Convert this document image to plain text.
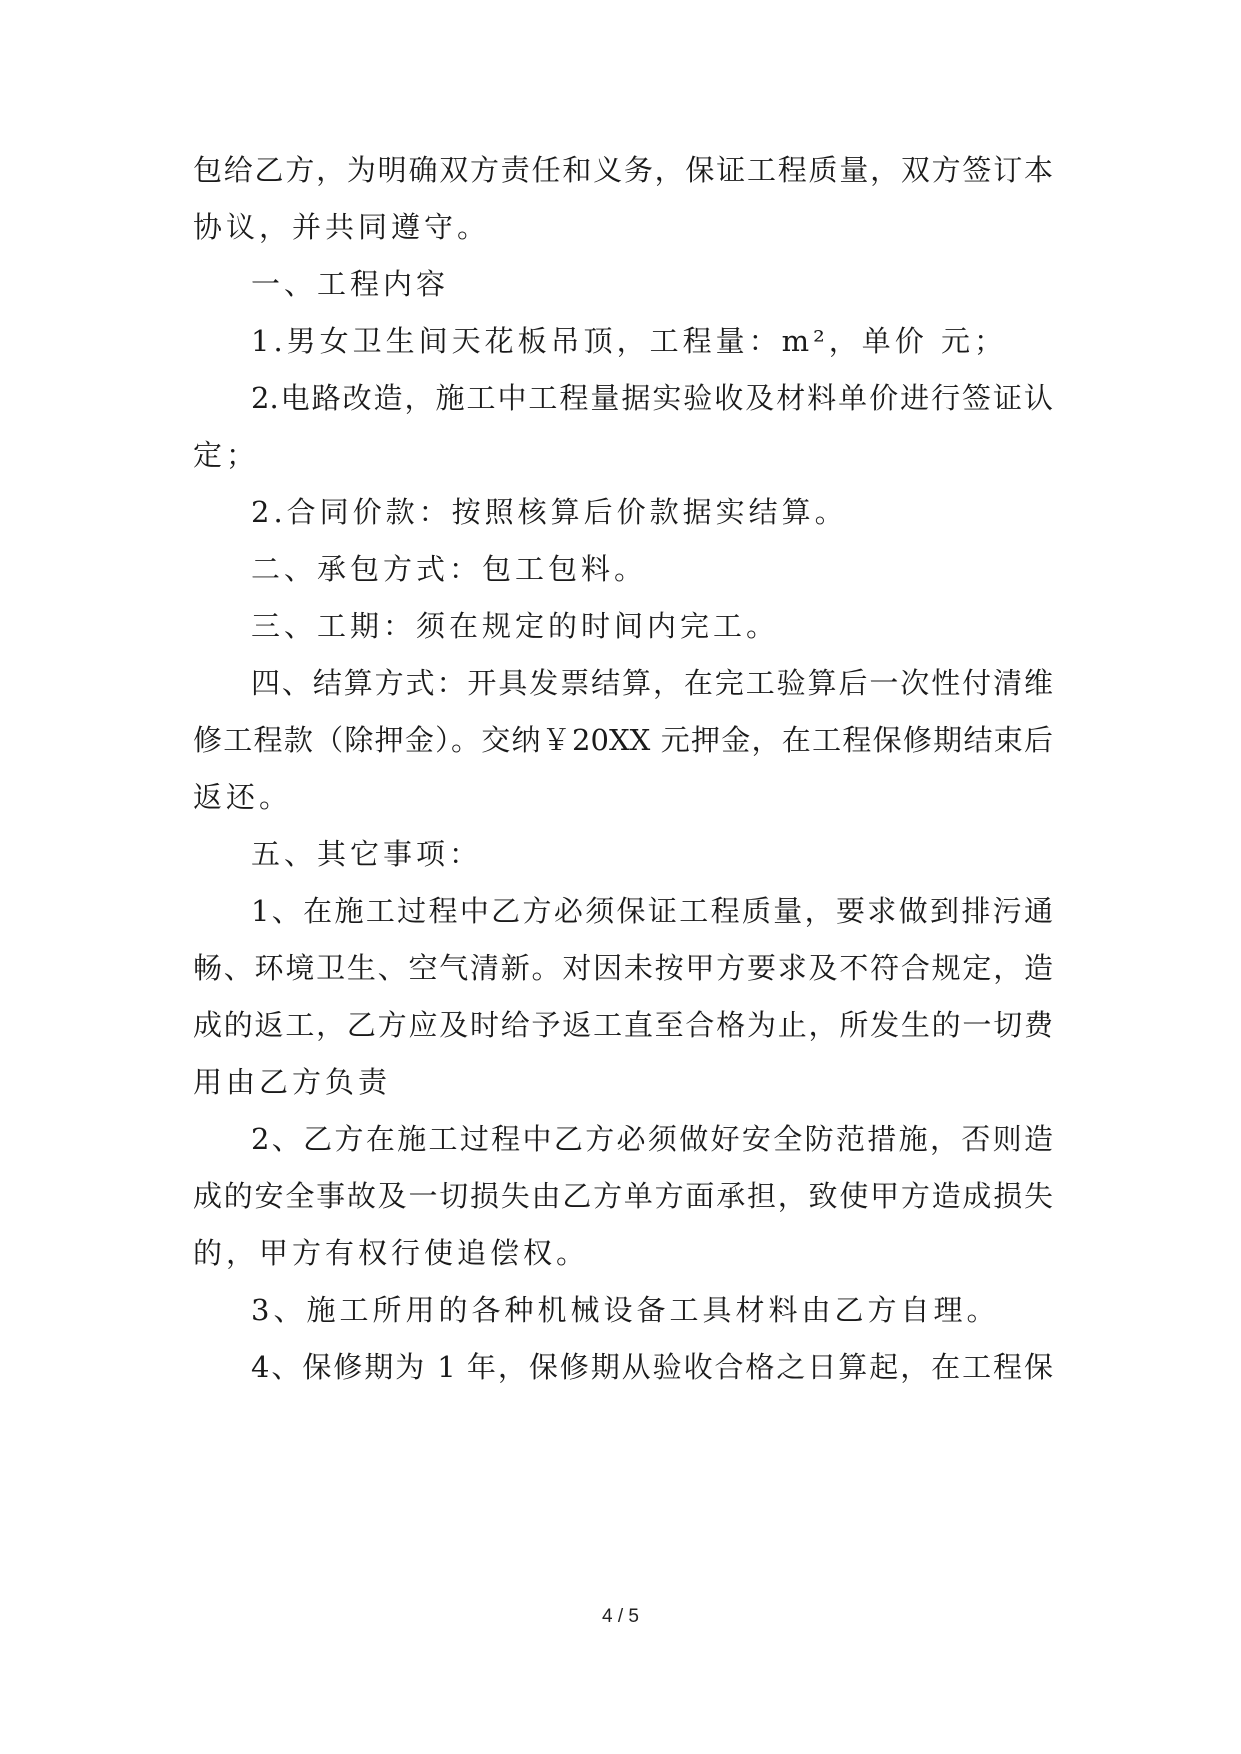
包给乙方，为明确双方责任和义务，保证工程质量，双方签订本
协议，并共同遵守。
一、工程内容
1.男女卫生间天花板吊顶，工程量：m²，单价 元；
2.电路改造，施工中工程量据实验收及材料单价进行签证认
定；
2.合同价款：按照核算后价款据实结算。
二、承包方式：包工包料。
三、工期：须在规定的时间内完工。
四、结算方式：开具发票结算，在完工验算后一次性付清维
修工程款（除押金）。交纳￥20XX 元押金，在工程保修期结束后
返还。
五、其它事项：
1、在施工过程中乙方必须保证工程质量，要求做到排污通
畅、环境卫生、空气清新。对因未按甲方要求及不符合规定，造
成的返工，乙方应及时给予返工直至合格为止，所发生的一切费
用由乙方负责
2、乙方在施工过程中乙方必须做好安全防范措施，否则造
成的安全事故及一切损失由乙方单方面承担，致使甲方造成损失
的，甲方有权行使追偿权。
3、施工所用的各种机械设备工具材料由乙方自理。
4、保修期为 1 年，保修期从验收合格之日算起，在工程保
4 / 5
